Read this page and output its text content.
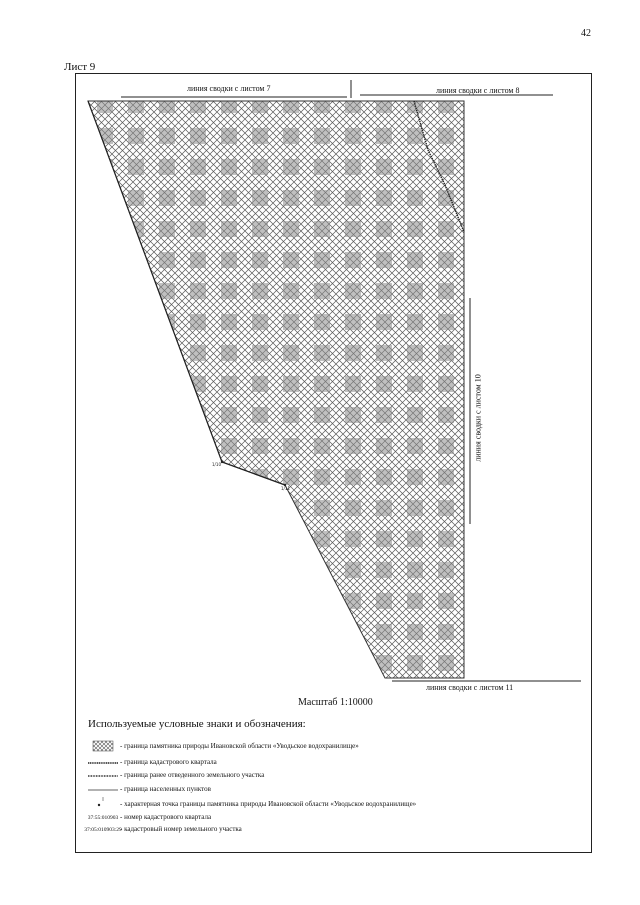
42
Лист 9
1/10
1/11
линия сводки с листом 7	линия сводки с листом 8
линия сводки с листом 10
линия сводки с листом 11
Масштаб 1:10000
Используемые условные знаки и обозначения:
- граница памятника природы Ивановской области «Уводьское водохранилище»
- граница кадастрового квартала
- граница ранее отведенного земельного участка
- граница населенных пунктов
- характерная точка границы памятника природы Ивановской области «Уводьское водохранилище»
37:55:010903 - номер кадастрового квартала
37:05:010903:29
- кадастровый номер земельного участка
